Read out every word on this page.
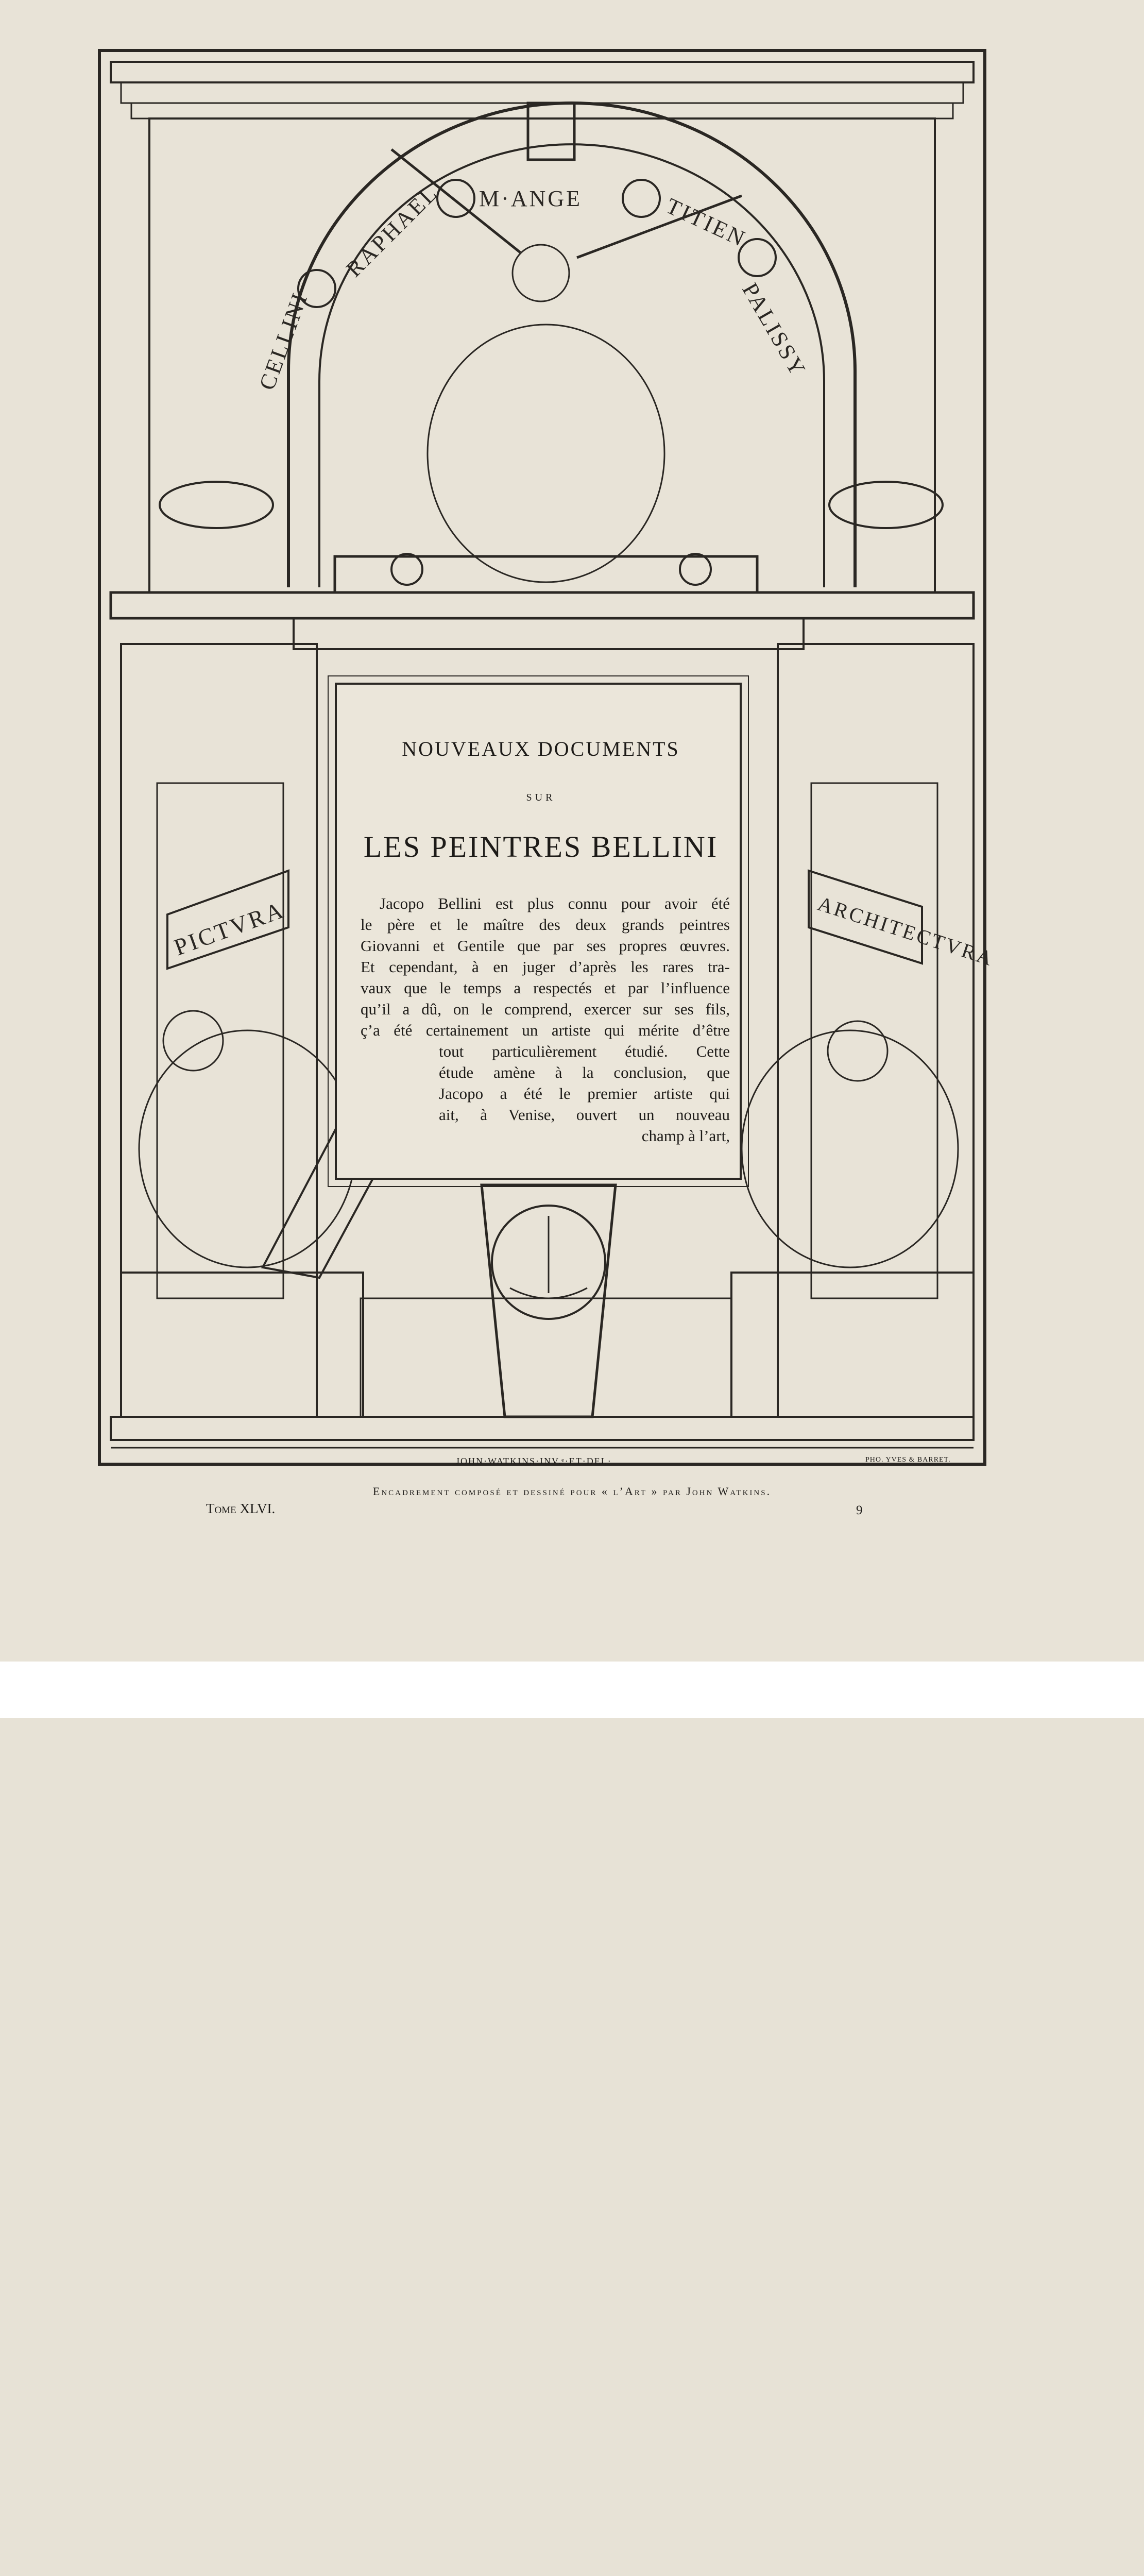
CELLINI
RAPHAEL M·ANGE	TITIEN
PALISSY
PICTVRA	ARCHITECTVRA
NOUVEAUX DOCUMENTS
SUR
LES PEINTRES BELLINI
Jacopo Bellini est plus connu pour avoir été
le père et le maître des deux grands peintres
Giovanni et Gentile que par ses propres œuvres.
Et cependant, à en juger d’après les rares tra-
vaux que le temps a respectés et par l’influence
qu’il a dû, on le comprend, exercer sur ses fils,
ç’a été certainement un artiste qui mérite d’être
tout particulièrement étudié. Cette
étude amène à la conclusion, que
Jacopo a été le premier artiste qui
ait, à Venise, ouvert un nouveau
champ à l’art,
JOHN·WATKINS·INV.ᵉ·ET·DEL·	PHO. YVES & BARRET.
Encadrement composé et dessiné pour « l’Art » par John Watkins.
Tome XLVI.	9
